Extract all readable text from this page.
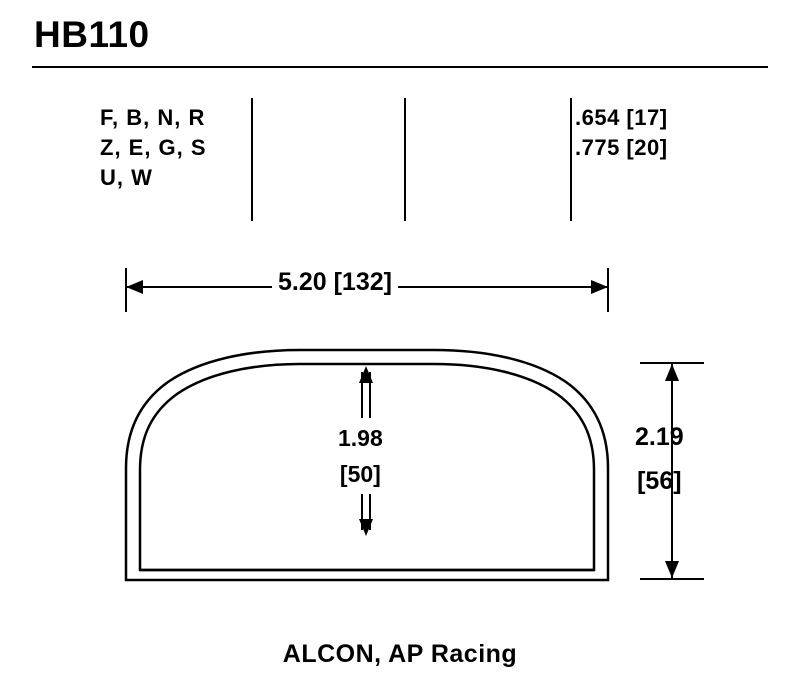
HB110
F, B, N, R
Z, E, G, S
U, W
.654 [17]
.775 [20]
5.20 [132]
1.98
[50]
2.19
[56]
ALCON, AP Racing
